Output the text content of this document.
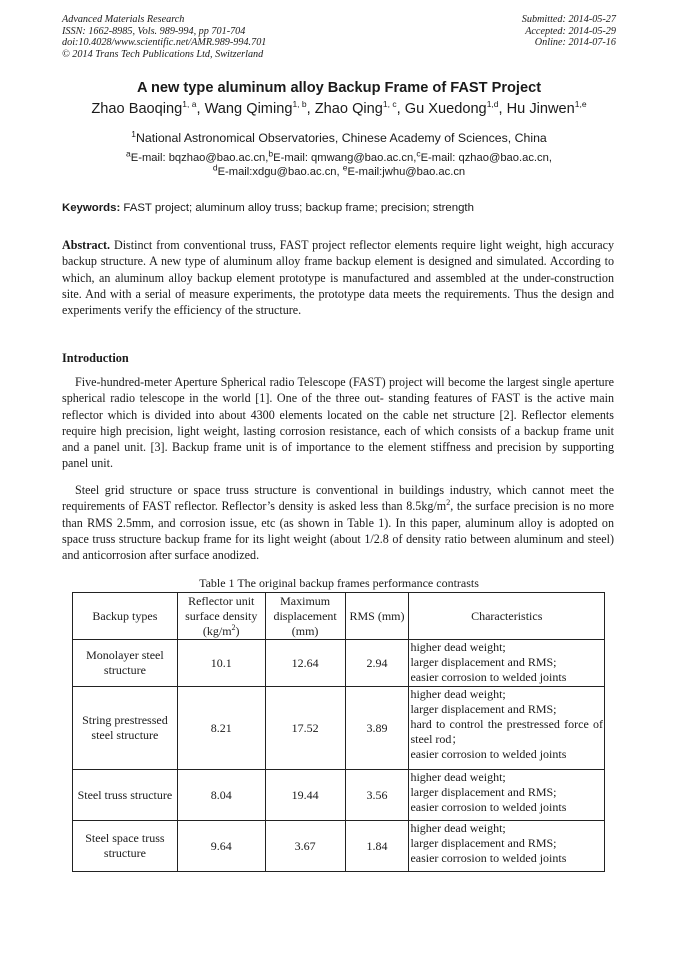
Advanced Materials Research
ISSN: 1662-8985, Vols. 989-994, pp 701-704
doi:10.4028/www.scientific.net/AMR.989-994.701
© 2014 Trans Tech Publications Ltd, Switzerland
Submitted: 2014-05-27
Accepted: 2014-05-29
Online: 2014-07-16
A new type aluminum alloy Backup Frame of FAST Project
Zhao Baoqing$^{1, a}$, Wang Qiming$^{1, b}$, Zhao Qing$^{1, c}$, Gu Xuedong$^{1,d}$, Hu Jinwen$^{1,e}$
$^1$National Astronomical Observatories, Chinese Academy of Sciences, China
$^a$E-mail: bqzhao@bao.ac.cn,$^b$E-mail: qmwang@bao.ac.cn,$^c$E-mail: qzhao@bao.ac.cn,
$^d$E-mail:xdgu@bao.ac.cn, $^e$E-mail:jwhu@bao.ac.cn
Keywords: FAST project; aluminum alloy truss; backup frame; precision; strength
Abstract. Distinct from conventional truss, FAST project reflector elements require light weight, high accuracy backup structure. A new type of aluminum alloy frame backup element is designed and simulated. According to which, an aluminum alloy backup element prototype is manufactured and assembled at the under-construction site. And with a serial of measure experiments, the prototype data meets the requirements. Thus the design and experiments verify the efficiency of the structure.
Introduction
Five-hundred-meter Aperture Spherical radio Telescope (FAST) project will become the largest single aperture spherical radio telescope in the world [1]. One of the three out- standing features of FAST is the active main reflector which is divided into about 4300 elements located on the cable net structure [2]. Reflector elements require high precision, light weight, lasting corrosion resistance, each of which consists of a backup frame unit and a panel unit. [3]. Backup frame unit is of importance to the element stiffness and precision by supporting panel unit.
Steel grid structure or space truss structure is conventional in buildings industry, which cannot meet the requirements of FAST reflector. Reflector’s density is asked less than $8.5kg/m^2$, the surface precision is no more than RMS 2.5mm, and corrosion issue, etc (as shown in Table 1). In this paper, aluminum alloy is adopted on space truss structure backup frame for its light weight (about 1/2.8 of density ratio between aluminum and steel) and anticorrosion after surface anodized.
Table 1 The original backup frames performance contrasts
Backup types	Reflector unit surface density $(kg/m^2)$	Maximum displacement (mm)	RMS (mm)	Characteristics
Monolayer steel structure	10.1	12.64	2.94	higher dead weight;
larger displacement and RMS;
easier corrosion to welded joints

String prestressed steel structure	8.21	17.52	3.89	higher dead weight;
larger displacement and RMS;
hard to control the prestressed force of steel rod；
easier corrosion to welded joints

Steel truss structure	8.04	19.44	3.56	higher dead weight;
larger displacement and RMS;
easier corrosion to welded joints

Steel space truss structure	9.64	3.67	1.84	higher dead weight;
larger displacement and RMS;
easier corrosion to welded joints
